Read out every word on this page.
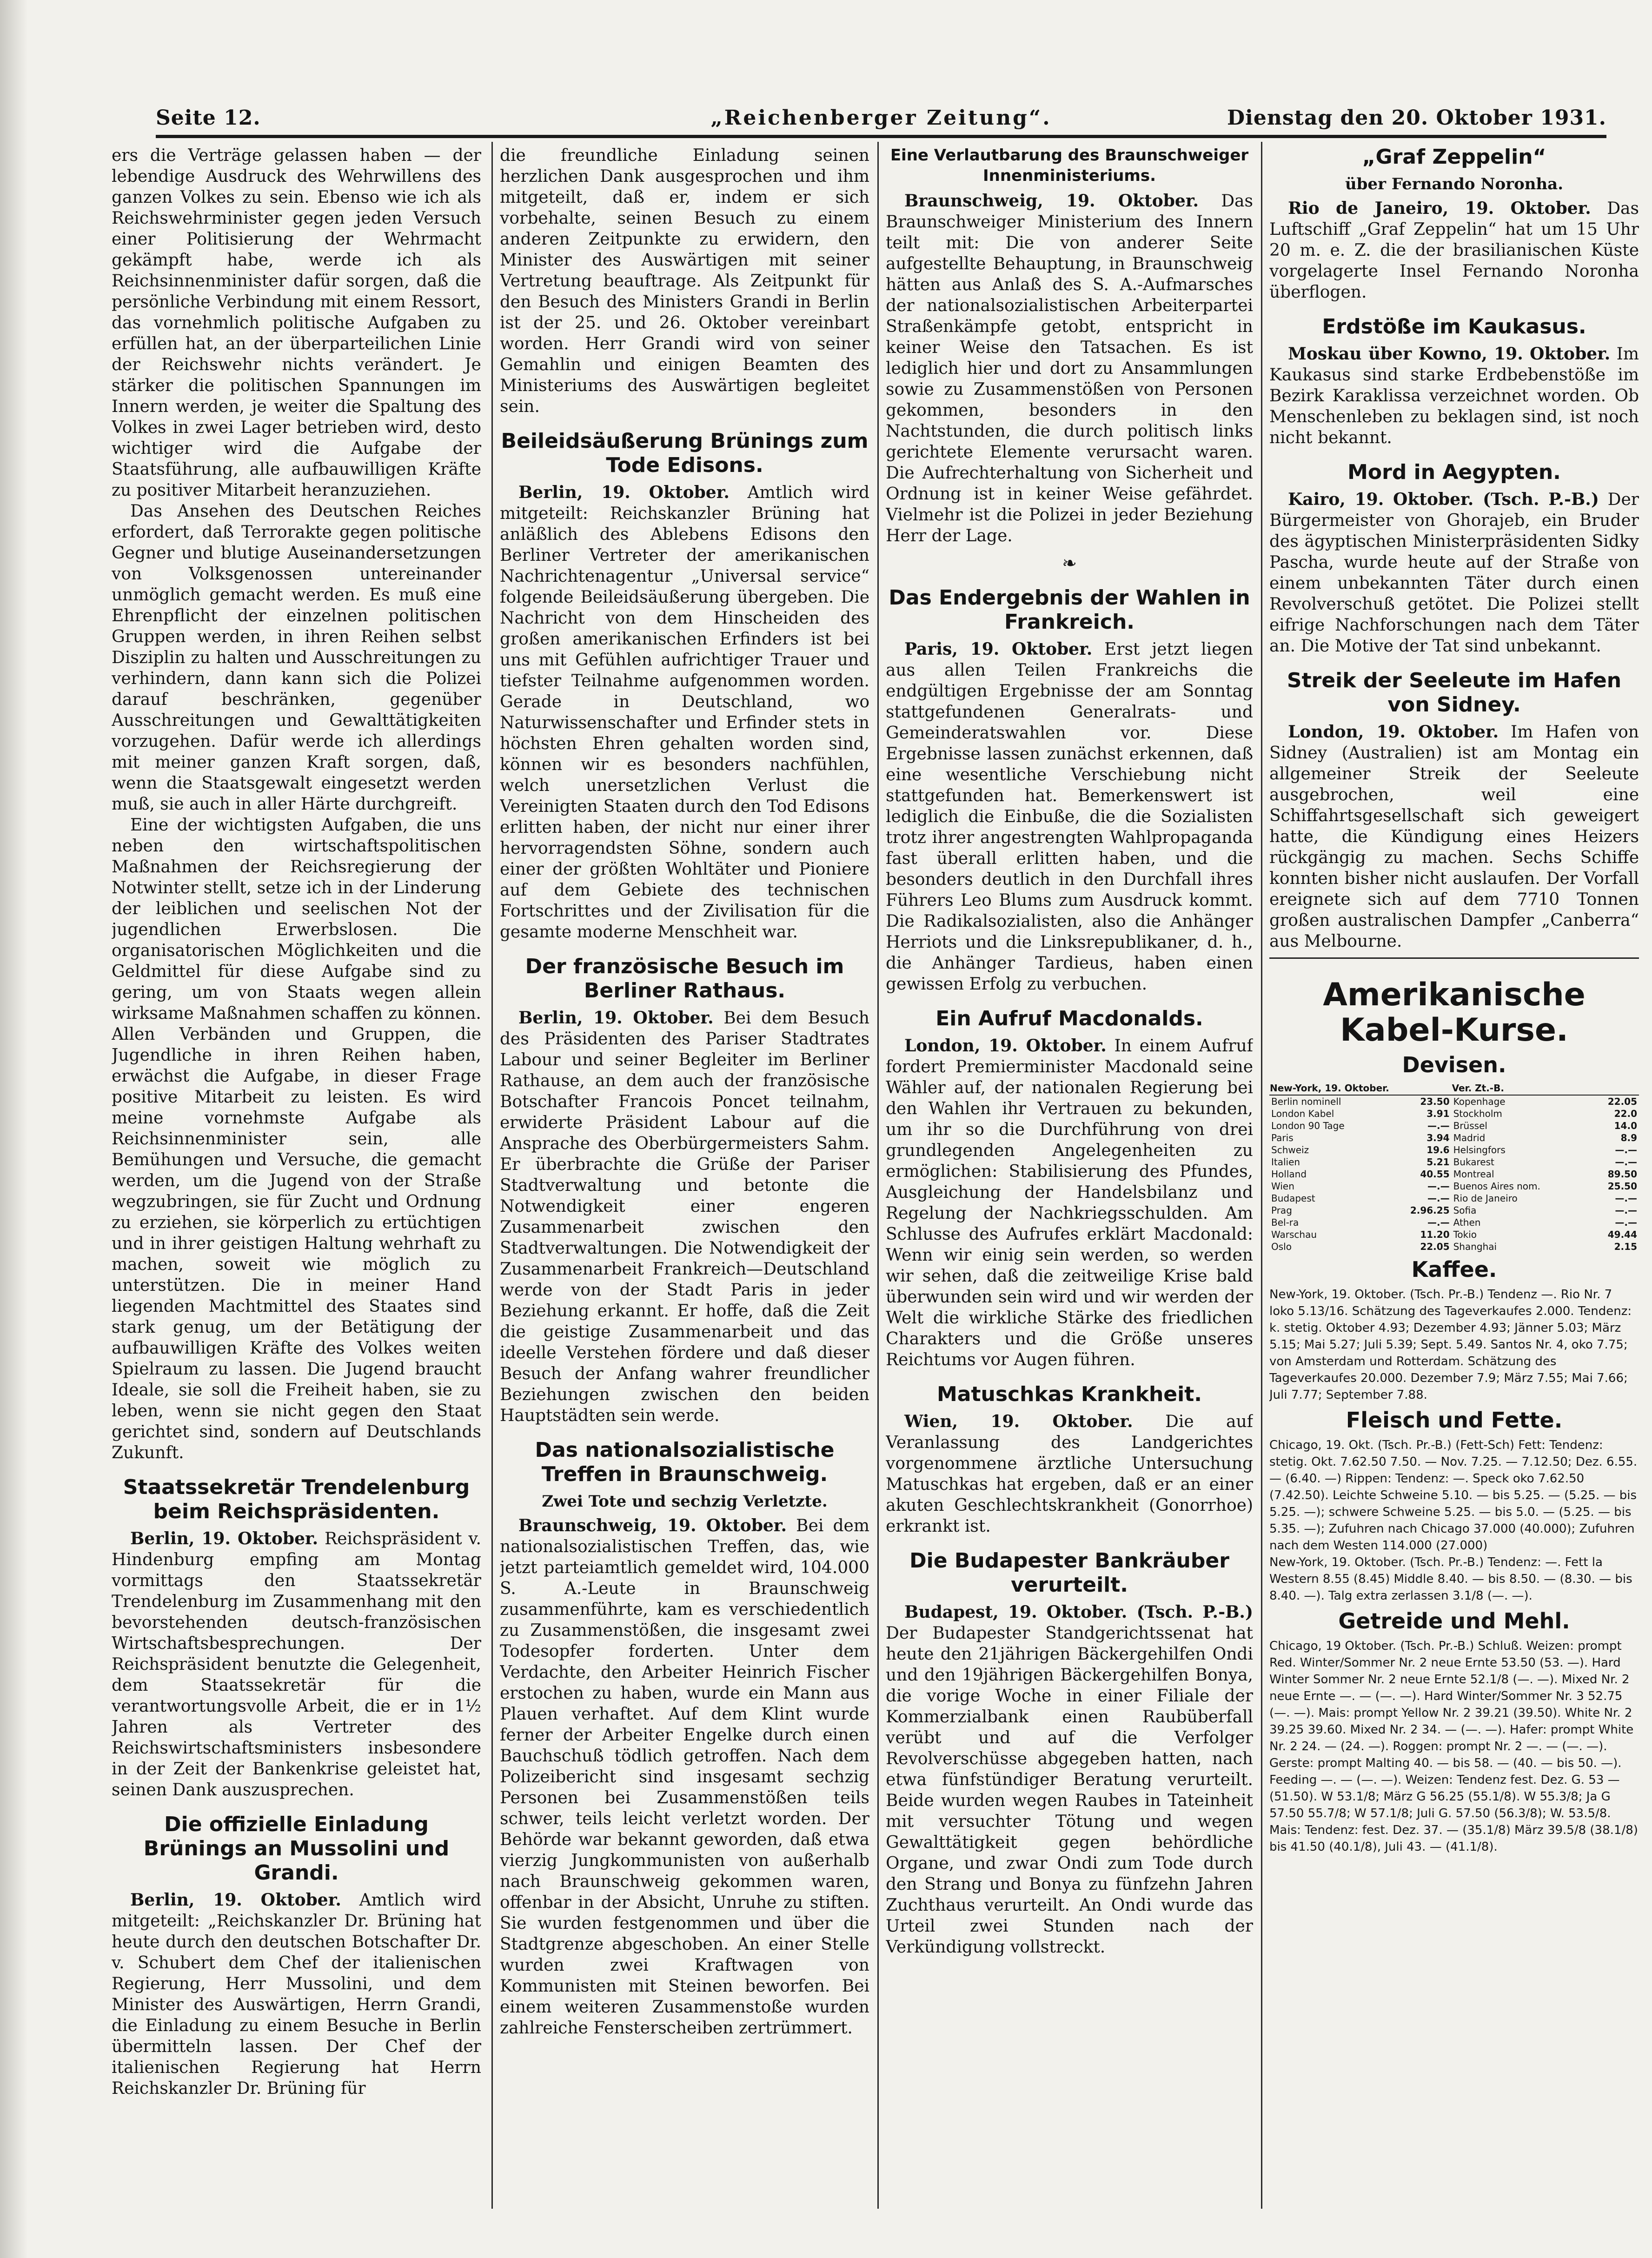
Seite 12.	„Reichenberger Zeitung“.	Dienstag den 20. Oktober 1931.

ers die Verträge gelassen haben — der lebendige Ausdruck des Wehrwillens des ganzen Volkes zu sein. Ebenso wie ich als Reichswehrminister gegen jeden Versuch einer Politisierung der Wehrmacht gekämpft habe, werde ich als Reichsinnenminister dafür sorgen, daß die persönliche Verbindung mit einem Ressort, das vornehmlich politische Aufgaben zu erfüllen hat, an der überparteilichen Linie der Reichswehr nichts verändert. Je stärker die politischen Spannungen im Innern werden, je weiter die Spaltung des Volkes in zwei Lager betrieben wird, desto wichtiger wird die Aufgabe der Staatsführung, alle aufbauwilligen Kräfte zu positiver Mitarbeit heranzuziehen.

Das Ansehen des Deutschen Reiches erfordert, daß Terrorakte gegen politische Gegner und blutige Auseinandersetzungen von Volksgenossen untereinander unmöglich gemacht werden. Es muß eine Ehrenpflicht der einzelnen politischen Gruppen werden, in ihren Reihen selbst Disziplin zu halten und Ausschreitungen zu verhindern, dann kann sich die Polizei darauf beschränken, gegenüber Ausschreitungen und Gewalttätigkeiten vorzugehen. Dafür werde ich allerdings mit meiner ganzen Kraft sorgen, daß, wenn die Staatsgewalt eingesetzt werden muß, sie auch in aller Härte durchgreift.

Eine der wichtigsten Aufgaben, die uns neben den wirtschaftspolitischen Maßnahmen der Reichsregierung der Notwinter stellt, setze ich in der Linderung der leiblichen und seelischen Not der jugendlichen Erwerbslosen. Die organisatorischen Möglichkeiten und die Geldmittel für diese Aufgabe sind zu gering, um von Staats wegen allein wirksame Maßnahmen schaffen zu können. Allen Verbänden und Gruppen, die Jugendliche in ihren Reihen haben, erwächst die Aufgabe, in dieser Frage positive Mitarbeit zu leisten. Es wird meine vornehmste Aufgabe als Reichsinnenminister sein, alle Bemühungen und Versuche, die gemacht werden, um die Jugend von der Straße wegzubringen, sie für Zucht und Ordnung zu erziehen, sie körperlich zu ertüchtigen und in ihrer geistigen Haltung wehrhaft zu machen, soweit wie möglich zu unterstützen. Die in meiner Hand liegenden Machtmittel des Staates sind stark genug, um der Betätigung der aufbauwilligen Kräfte des Volkes weiten Spielraum zu lassen. Die Jugend braucht Ideale, sie soll die Freiheit haben, sie zu leben, wenn sie nicht gegen den Staat gerichtet sind, sondern auf Deutschlands Zukunft.

Staatssekretär Trendelenburg beim Reichspräsidenten.

Berlin, 19. Oktober. Reichspräsident v. Hindenburg empfing am Montag vormittags den Staatssekretär Trendelenburg im Zusammenhang mit den bevorstehenden deutsch-französischen Wirtschaftsbesprechungen. Der Reichspräsident benutzte die Gelegenheit, dem Staatssekretär für die verantwortungsvolle Arbeit, die er in 1½ Jahren als Vertreter des Reichswirtschaftsministers insbesondere in der Zeit der Bankenkrise geleistet hat, seinen Dank auszusprechen.

Die offizielle Einladung Brünings an Mussolini und Grandi.

Berlin, 19. Oktober. Amtlich wird mitgeteilt: „Reichskanzler Dr. Brüning hat heute durch den deutschen Botschafter Dr. v. Schubert dem Chef der italienischen Regierung, Herr Mussolini, und dem Minister des Auswärtigen, Herrn Grandi, die Einladung zu einem Besuche in Berlin übermitteln lassen. Der Chef der italienischen Regierung hat Herrn Reichskanzler Dr. Brüning für

die freundliche Einladung seinen herzlichen Dank ausgesprochen und ihm mitgeteilt, daß er, indem er sich vorbehalte, seinen Besuch zu einem anderen Zeitpunkte zu erwidern, den Minister des Auswärtigen mit seiner Vertretung beauftrage. Als Zeitpunkt für den Besuch des Ministers Grandi in Berlin ist der 25. und 26. Oktober vereinbart worden. Herr Grandi wird von seiner Gemahlin und einigen Beamten des Ministeriums des Auswärtigen begleitet sein.

Beileidsäußerung Brünings zum Tode Edisons.

Berlin, 19. Oktober. Amtlich wird mitgeteilt: Reichskanzler Brüning hat anläßlich des Ablebens Edisons den Berliner Vertreter der amerikanischen Nachrichtenagentur „Universal service“ folgende Beileidsäußerung übergeben. Die Nachricht von dem Hinscheiden des großen amerikanischen Erfinders ist bei uns mit Gefühlen aufrichtiger Trauer und tiefster Teilnahme aufgenommen worden. Gerade in Deutschland, wo Naturwissenschafter und Erfinder stets in höchsten Ehren gehalten worden sind, können wir es besonders nachfühlen, welch unersetzlichen Verlust die Vereinigten Staaten durch den Tod Edisons erlitten haben, der nicht nur einer ihrer hervorragendsten Söhne, sondern auch einer der größten Wohltäter und Pioniere auf dem Gebiete des technischen Fortschrittes und der Zivilisation für die gesamte moderne Menschheit war.

Der französische Besuch im Berliner Rathaus.

Berlin, 19. Oktober. Bei dem Besuch des Präsidenten des Pariser Stadtrates Labour und seiner Begleiter im Berliner Rathause, an dem auch der französische Botschafter Francois Poncet teilnahm, erwiderte Präsident Labour auf die Ansprache des Oberbürgermeisters Sahm. Er überbrachte die Grüße der Pariser Stadtverwaltung und betonte die Notwendigkeit einer engeren Zusammenarbeit zwischen den Stadtverwaltungen. Die Notwendigkeit der Zusammenarbeit Frankreich—Deutschland werde von der Stadt Paris in jeder Beziehung erkannt. Er hoffe, daß die Zeit die geistige Zusammenarbeit und das ideelle Verstehen fördere und daß dieser Besuch der Anfang wahrer freundlicher Beziehungen zwischen den beiden Hauptstädten sein werde.

Das nationalsozialistische Treffen in Braunschweig.
Zwei Tote und sechzig Verletzte.

Braunschweig, 19. Oktober. Bei dem nationalsozialistischen Treffen, das, wie jetzt parteiamtlich gemeldet wird, 104.000 S. A.-Leute in Braunschweig zusammenführte, kam es verschiedentlich zu Zusammenstößen, die insgesamt zwei Todesopfer forderten. Unter dem Verdachte, den Arbeiter Heinrich Fischer erstochen zu haben, wurde ein Mann aus Plauen verhaftet. Auf dem Klint wurde ferner der Arbeiter Engelke durch einen Bauchschuß tödlich getroffen. Nach dem Polizeibericht sind insgesamt sechzig Personen bei Zusammenstößen teils schwer, teils leicht verletzt worden. Der Behörde war bekannt geworden, daß etwa vierzig Jungkommunisten von außerhalb nach Braunschweig gekommen waren, offenbar in der Absicht, Unruhe zu stiften. Sie wurden festgenommen und über die Stadtgrenze abgeschoben. An einer Stelle wurden zwei Kraftwagen von Kommunisten mit Steinen beworfen. Bei einem weiteren Zusammenstoße wurden zahlreiche Fensterscheiben zertrümmert.

Eine Verlautbarung des Braunschweiger Innenministeriums.

Braunschweig, 19. Oktober. Das Braunschweiger Ministerium des Innern teilt mit: Die von anderer Seite aufgestellte Behauptung, in Braunschweig hätten aus Anlaß des S. A.-Aufmarsches der nationalsozialistischen Arbeiterpartei Straßenkämpfe getobt, entspricht in keiner Weise den Tatsachen. Es ist lediglich hier und dort zu Ansammlungen sowie zu Zusammenstößen von Personen gekommen, besonders in den Nachtstunden, die durch politisch links gerichtete Elemente verursacht waren. Die Aufrechterhaltung von Sicherheit und Ordnung ist in keiner Weise gefährdet. Vielmehr ist die Polizei in jeder Beziehung Herr der Lage.

❧
Das Endergebnis der Wahlen in Frankreich.

Paris, 19. Oktober. Erst jetzt liegen aus allen Teilen Frankreichs die endgültigen Ergebnisse der am Sonntag stattgefundenen Generalrats- und Gemeinderatswahlen vor. Diese Ergebnisse lassen zunächst erkennen, daß eine wesentliche Verschiebung nicht stattgefunden hat. Bemerkenswert ist lediglich die Einbuße, die die Sozialisten trotz ihrer angestrengten Wahlpropaganda fast überall erlitten haben, und die besonders deutlich in den Durchfall ihres Führers Leo Blums zum Ausdruck kommt. Die Radikalsozialisten, also die Anhänger Herriots und die Linksrepublikaner, d. h., die Anhänger Tardieus, haben einen gewissen Erfolg zu verbuchen.

Ein Aufruf Macdonalds.

London, 19. Oktober. In einem Aufruf fordert Premierminister Macdonald seine Wähler auf, der nationalen Regierung bei den Wahlen ihr Vertrauen zu bekunden, um ihr so die Durchführung von drei grundlegenden Angelegenheiten zu ermöglichen: Stabilisierung des Pfundes, Ausgleichung der Handelsbilanz und Regelung der Nachkriegsschulden. Am Schlusse des Aufrufes erklärt Macdonald: Wenn wir einig sein werden, so werden wir sehen, daß die zeitweilige Krise bald überwunden sein wird und wir werden der Welt die wirkliche Stärke des friedlichen Charakters und die Größe unseres Reichtums vor Augen führen.

Matuschkas Krankheit.

Wien, 19. Oktober. Die auf Veranlassung des Landgerichtes vorgenommene ärztliche Untersuchung Matuschkas hat ergeben, daß er an einer akuten Geschlechtskrankheit (Gonorrhoe) erkrankt ist.

Die Budapester Bankräuber verurteilt.

Budapest, 19. Oktober. (Tsch. P.-B.) Der Budapester Standgerichtssenat hat heute den 21jährigen Bäckergehilfen Ondi und den 19jährigen Bäckergehilfen Bonya, die vorige Woche in einer Filiale der Kommerzialbank einen Raubüberfall verübt und auf die Verfolger Revolverschüsse abgegeben hatten, nach etwa fünfstündiger Beratung verurteilt. Beide wurden wegen Raubes in Tateinheit mit versuchter Tötung und wegen Gewalttätigkeit gegen behördliche Organe, und zwar Ondi zum Tode durch den Strang und Bonya zu fünfzehn Jahren Zuchthaus verurteilt. An Ondi wurde das Urteil zwei Stunden nach der Verkündigung vollstreckt.

„Graf Zeppelin“
über Fernando Noronha.

Rio de Janeiro, 19. Oktober. Das Luftschiff „Graf Zeppelin“ hat um 15 Uhr 20 m. e. Z. die der brasilianischen Küste vorgelagerte Insel Fernando Noronha überflogen.

Erdstöße im Kaukasus.

Moskau über Kowno, 19. Oktober. Im Kaukasus sind starke Erdbebenstöße im Bezirk Karaklissa verzeichnet worden. Ob Menschenleben zu beklagen sind, ist noch nicht bekannt.

Mord in Aegypten.

Kairo, 19. Oktober. (Tsch. P.-B.) Der Bürgermeister von Ghorajeb, ein Bruder des ägyptischen Ministerpräsidenten Sidky Pascha, wurde heute auf der Straße von einem unbekannten Täter durch einen Revolverschuß getötet. Die Polizei stellt eifrige Nachforschungen nach dem Täter an. Die Motive der Tat sind unbekannt.

Streik der Seeleute im Hafen von Sidney.

London, 19. Oktober. Im Hafen von Sidney (Australien) ist am Montag ein allgemeiner Streik der Seeleute ausgebrochen, weil eine Schiffahrtsgesellschaft sich geweigert hatte, die Kündigung eines Heizers rückgängig zu machen. Sechs Schiffe konnten bisher nicht auslaufen. Der Vorfall ereignete sich auf dem 7710 Tonnen großen australischen Dampfer „Canberra“ aus Melbourne.

Amerikanische Kabel-Kurse.
Devisen.
New-York, 19. Oktober.		Ver. Zt.-B.	
Berlin nominell	23.50	Kopenhage	22.05
London Kabel	3.91	Stockholm	22.0
London 90 Tage	—.—	Brüssel	14.0
Paris	3.94	Madrid	8.9
Schweiz	19.6	Helsingfors	—.—
Italien	5.21	Bukarest	—.—
Holland	40.55	Montreal	89.50
Wien	—.—	Buenos Aires nom.	25.50
Budapest	—.—	Rio de Janeiro	—.—
Prag	2.96.25	Sofia	—.—
Bel-ra	—.—	Athen	—.—
Warschau	11.20	Tokio	49.44
Oslo	22.05	Shanghai	2.15
Kaffee.

New-York, 19. Oktober. (Tsch. Pr.-B.) Tendenz —. Rio Nr. 7 loko 5.13/16. Schätzung des Tageverkaufes 2.000. Tendenz: k. stetig. Oktober 4.93; Dezember 4.93; Jänner 5.03; März 5.15; Mai 5.27; Juli 5.39; Sept. 5.49. Santos Nr. 4, oko 7.75; von Amsterdam und Rotterdam. Schätzung des Tageverkaufes 20.000. Dezember 7.9; März 7.55; Mai 7.66; Juli 7.77; September 7.88.

Fleisch und Fette.

Chicago, 19. Okt. (Tsch. Pr.-B.) (Fett-Sch) Fett: Tendenz: stetig. Okt. 7.62.50 7.50. — Nov. 7.25. — 7.12.50; Dez. 6.55. — (6.40. —) Rippen: Tendenz: —. Speck oko 7.62.50 (7.42.50). Leichte Schweine 5.10. — bis 5.25. — (5.25. — bis 5.25. —); schwere Schweine 5.25. — bis 5.0. — (5.25. — bis 5.35. —); Zufuhren nach Chicago 37.000 (40.000); Zufuhren nach dem Westen 114.000 (27.000)

New-York, 19. Oktober. (Tsch. Pr.-B.) Tendenz: —. Fett la Western 8.55 (8.45) Middle 8.40. — bis 8.50. — (8.30. — bis 8.40. —). Talg extra zerlassen 3.1/8 (—. —).

Getreide und Mehl.

Chicago, 19 Oktober. (Tsch. Pr.-B.) Schluß. Weizen: prompt Red. Winter/Sommer Nr. 2 neue Ernte 53.50 (53. —). Hard Winter Sommer Nr. 2 neue Ernte 52.1/8 (—. —). Mixed Nr. 2 neue Ernte —. — (—. —). Hard Winter/Sommer Nr. 3 52.75 (—. —). Mais: prompt Yellow Nr. 2 39.21 (39.50). White Nr. 2 39.25 39.60. Mixed Nr. 2 34. — (—. —). Hafer: prompt White Nr. 2 24. — (24. —). Roggen: prompt Nr. 2 —. — (—. —). Gerste: prompt Malting 40. — bis 58. — (40. — bis 50. —). Feeding —. — (—. —). Weizen: Tendenz fest. Dez. G. 53 — (51.50). W 53.1/8; März G 56.25 (55.1/8). W 55.3/8; Ja G 57.50 55.7/8; W 57.1/8; Juli G. 57.50 (56.3/8); W. 53.5/8. Mais: Tendenz: fest. Dez. 37. — (35.1/8) März 39.5/8 (38.1/8) bis 41.50 (40.1/8), Juli 43. — (41.1/8).
